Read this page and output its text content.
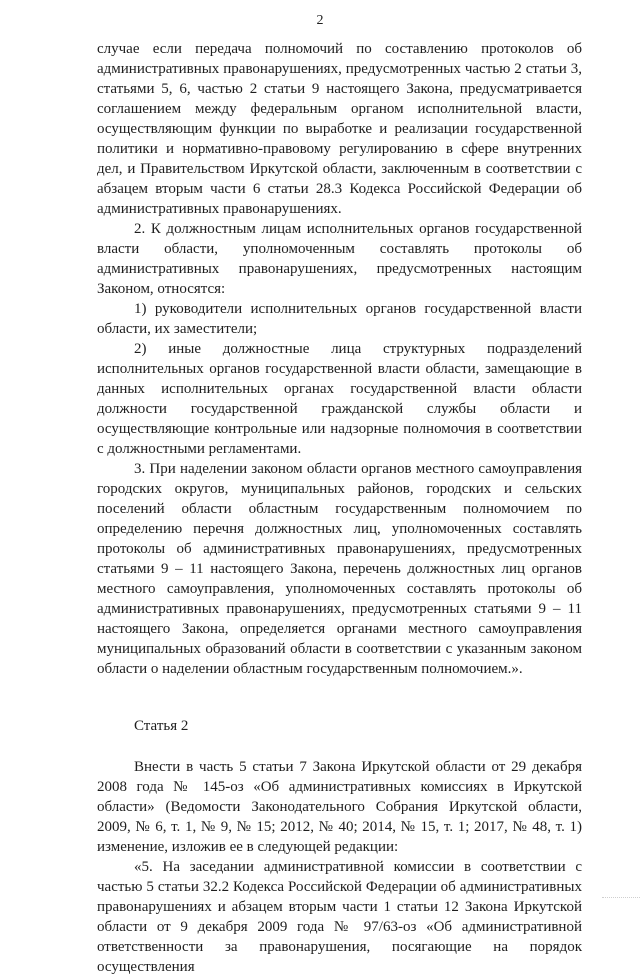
2

случае если передача полномочий по составлению протоколов об административных правонарушениях, предусмотренных частью 2 статьи 3, статьями 5, 6, частью 2 статьи 9 настоящего Закона, предусматривается соглашением между федеральным органом исполнительной власти, осуществляющим функции по выработке и реализации государственной политики и нормативно-правовому регулированию в сфере внутренних дел, и Правительством Иркутской области, заключенным в соответствии с абзацем вторым части 6 статьи 28.3 Кодекса Российской Федерации об административных правонарушениях.

2. К должностным лицам исполнительных органов государственной власти области, уполномоченным составлять протоколы об административных правонарушениях, предусмотренных настоящим Законом, относятся:

1) руководители исполнительных органов государственной власти области, их заместители;

2) иные должностные лица структурных подразделений исполнительных органов государственной власти области, замещающие в данных исполнительных органах государственной власти области должности государственной гражданской службы области и осуществляющие контрольные или надзорные полномочия в соответствии с должностными регламентами.

3. При наделении законом области органов местного самоуправления городских округов, муниципальных районов, городских и сельских поселений области областным государственным полномочием по определению перечня должностных лиц, уполномоченных составлять протоколы об административных правонарушениях, предусмотренных статьями 9 – 11 настоящего Закона, перечень должностных лиц органов местного самоуправления, уполномоченных составлять протоколы об административных правонарушениях, предусмотренных статьями 9 – 11 настоящего Закона, определяется органами местного самоуправления муниципальных образований области в соответствии с указанным законом области о наделении областным государственным полномочием.».

Статья 2

Внести в часть 5 статьи 7 Закона Иркутской области от 29 декабря 2008 года № 145-оз «Об административных комиссиях в Иркутской области» (Ведомости Законодательного Собрания Иркутской области, 2009, № 6, т. 1, № 9, № 15; 2012, № 40; 2014, № 15, т. 1; 2017, № 48, т. 1) изменение, изложив ее в следующей редакции:

«5. На заседании административной комиссии в соответствии с частью 5 статьи 32.2 Кодекса Российской Федерации об административных правонарушениях и абзацем вторым части 1 статьи 12 Закона Иркутской области от 9 декабря 2009 года № 97/63-оз «Об административной ответственности за правонарушения, посягающие на порядок осуществления
